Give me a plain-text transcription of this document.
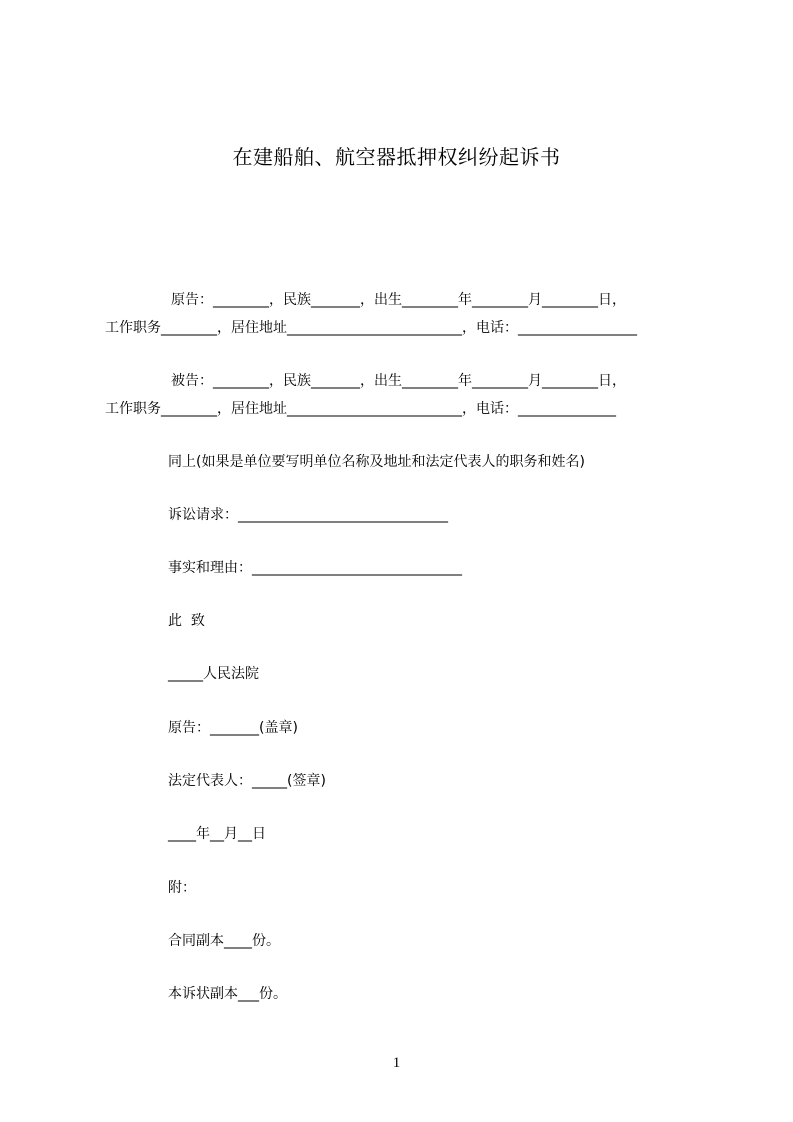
在建船舶、航空器抵押权纠纷起诉书
原告：________，民族_______，出生________年________月________日，
工作职务________，居住地址_________________________，电话：_________________
被告：________，民族_______，出生________年________月________日，
工作职务________，居住地址_________________________，电话：______________
同上(如果是单位要写明单位名称及地址和法定代表人的职务和姓名)
诉讼请求：______________________________
事实和理由：______________________________
此  致
_____人民法院
原告：_______(盖章)
法定代表人：_____(签章)
____年__月__日
附：
合同副本____份。
本诉状副本___份。
1
